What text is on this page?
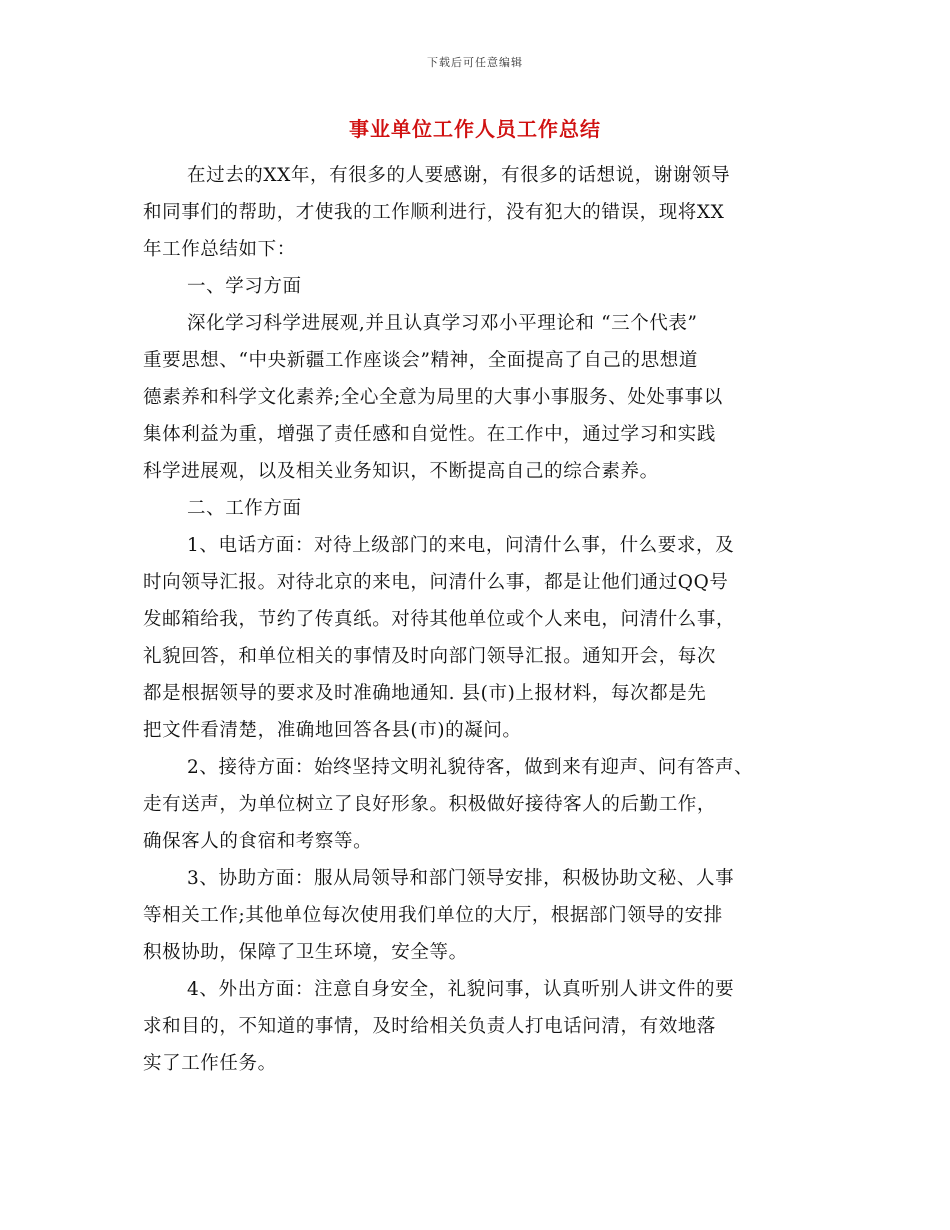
下载后可任意编辑
事业单位工作人员工作总结
在过去的XX年，有很多的人要感谢，有很多的话想说，谢谢领导
和同事们的帮助，才使我的工作顺利进行，没有犯大的错误，现将XX
年工作总结如下：
一、学习方面
深化学习科学进展观,并且认真学习邓小平理论和 “三个代表”
重要思想、“中央新疆工作座谈会”精神，全面提高了自己的思想道
德素养和科学文化素养;全心全意为局里的大事小事服务、处处事事以
集体利益为重，增强了责任感和自觉性。在工作中，通过学习和实践
科学进展观，以及相关业务知识，不断提高自己的综合素养。
二、工作方面
1、电话方面：对待上级部门的来电，问清什么事，什么要求，及
时向领导汇报。对待北京的来电，问清什么事，都是让他们通过QQ号
发邮箱给我，节约了传真纸。对待其他单位或个人来电，问清什么事，
礼貌回答，和单位相关的事情及时向部门领导汇报。通知开会，每次
都是根据领导的要求及时准确地通知. 县(市)上报材料，每次都是先
把文件看清楚，准确地回答各县(市)的凝问。
2、接待方面：始终坚持文明礼貌待客，做到来有迎声、问有答声、
走有送声，为单位树立了良好形象。积极做好接待客人的后勤工作，
确保客人的食宿和考察等。
3、协助方面：服从局领导和部门领导安排，积极协助文秘、人事
等相关工作;其他单位每次使用我们单位的大厅，根据部门领导的安排
积极协助，保障了卫生环境，安全等。
4、外出方面：注意自身安全，礼貌问事，认真听别人讲文件的要
求和目的，不知道的事情，及时给相关负责人打电话问清，有效地落
实了工作任务。
